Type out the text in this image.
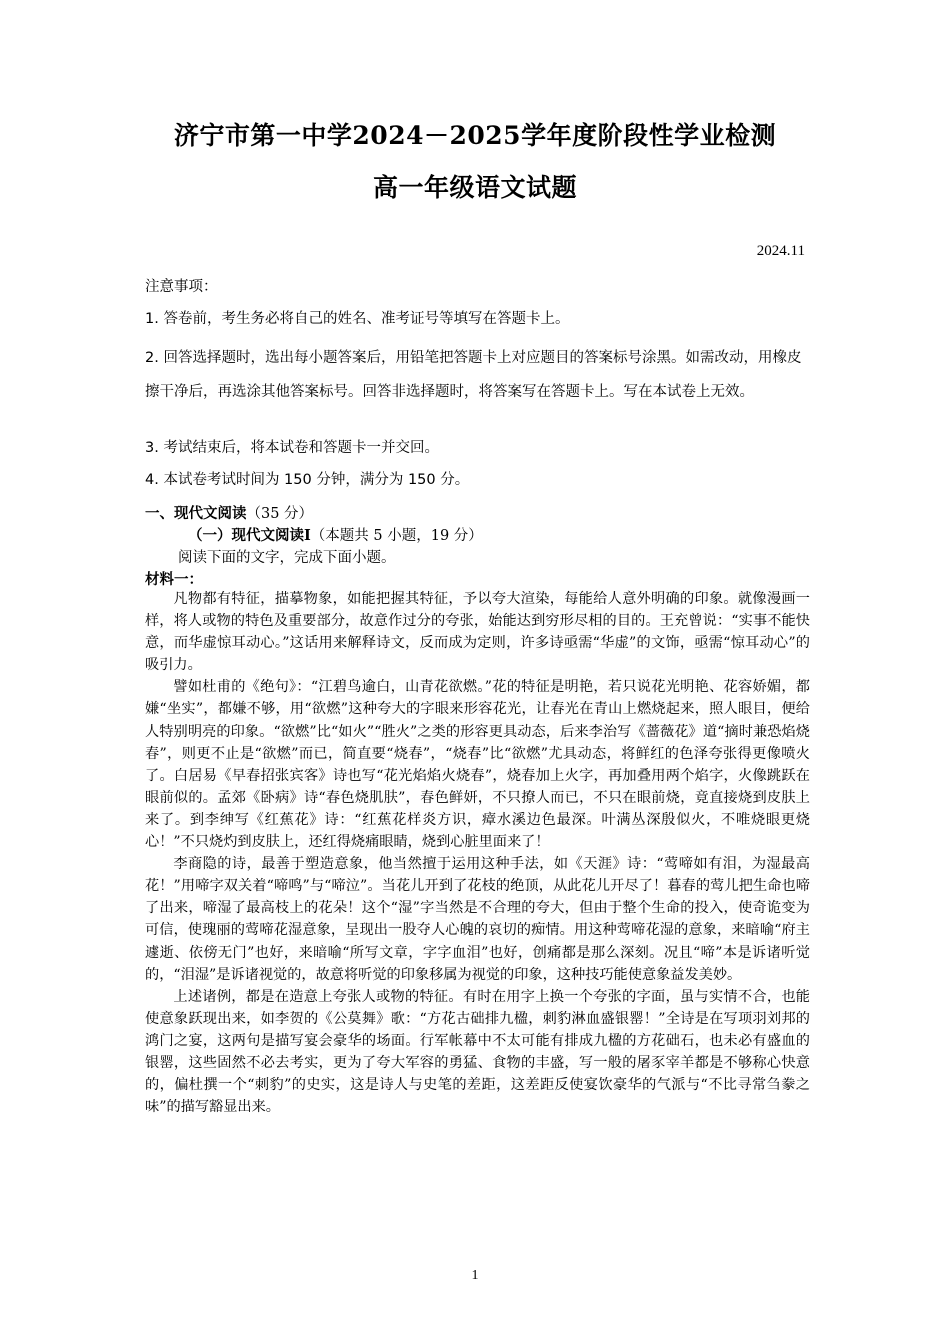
济宁市第一中学2024－2025学年度阶段性学业检测
高一年级语文试题
2024.11
注意事项：
1. 答卷前，考生务必将自己的姓名、准考证号等填写在答题卡上。
2. 回答选择题时，选出每小题答案后，用铅笔把答题卡上对应题目的答案标号涂黑。如需改动，用橡皮擦干净后，再选涂其他答案标号。回答非选择题时，将答案写在答题卡上。写在本试卷上无效。
3. 考试结束后，将本试卷和答题卡一并交回。
4. 本试卷考试时间为 150 分钟，满分为 150 分。
一、现代文阅读（35 分）
（一）现代文阅读Ⅰ（本题共 5 小题，19 分）
阅读下面的文字，完成下面小题。
材料一：

凡物都有特征，描摹物象，如能把握其特征，予以夸大渲染，每能给人意外明确的印象。就像漫画一样，将人或物的特色及重要部分，故意作过分的夸张，始能达到穷形尽相的目的。王充曾说：“实事不能快意，而华虚惊耳动心。”这话用来解释诗文，反而成为定则，许多诗亟需“华虚”的文饰，亟需“惊耳动心”的吸引力。

譬如杜甫的《绝句》：“江碧鸟逾白，山青花欲燃。”花的特征是明艳，若只说花光明艳、花容娇媚，都嫌“坐实”，都嫌不够，用“欲燃”这种夸大的字眼来形容花光，让春光在青山上燃烧起来，照人眼目，便给人特别明亮的印象。“欲燃”比“如火”“胜火”之类的形容更具动态，后来李治写《蔷薇花》道“摘时兼恐焰烧春”，则更不止是“欲燃”而已，简直要“烧春”，“烧春”比“欲燃”尤具动态，将鲜红的色泽夸张得更像喷火了。白居易《早春招张宾客》诗也写“花光焰焰火烧春”，烧春加上火字，再加叠用两个焰字，火像跳跃在眼前似的。孟郊《卧病》诗“春色烧肌肤”，春色鲜妍，不只撩人而已，不只在眼前烧，竟直接烧到皮肤上来了。到李绅写《红蕉花》诗：“红蕉花样炎方识，瘴水溪边色最深。叶满丛深殷似火，不唯烧眼更烧心！”不只烧灼到皮肤上，还红得烧痛眼睛，烧到心脏里面来了！

李商隐的诗，最善于塑造意象，他当然擅于运用这种手法，如《天涯》诗：“莺啼如有泪，为湿最高花！”用啼字双关着“啼鸣”与“啼泣”。当花儿开到了花枝的绝顶，从此花儿开尽了！暮春的莺儿把生命也啼了出来，啼湿了最高枝上的花朵！这个“湿”字当然是不合理的夸大，但由于整个生命的投入，使奇诡变为可信，使瑰丽的莺啼花湿意象，呈现出一股夺人心魄的哀切的痴情。用这种莺啼花湿的意象，来暗喻“府主遽逝、依傍无门”也好，来暗喻“所写文章，字字血泪”也好，创痛都是那么深刻。况且“啼”本是诉诸听觉的，“泪湿”是诉诸视觉的，故意将听觉的印象移属为视觉的印象，这种技巧能使意象益发美妙。

上述诸例，都是在造意上夸张人或物的特征。有时在用字上换一个夸张的字面，虽与实情不合，也能使意象跃现出来，如李贺的《公莫舞》歌：“方花古础排九楹，刺豹淋血盛银罂！”全诗是在写项羽刘邦的鸿门之宴，这两句是描写宴会豪华的场面。行军帐幕中不太可能有排成九楹的方花础石，也未必有盛血的银罂，这些固然不必去考实，更为了夸大军容的勇猛、食物的丰盛，写一般的屠豕宰羊都是不够称心快意的，偏杜撰一个“刺豹”的史实，这是诗人与史笔的差距，这差距反使宴饮豪华的气派与“不比寻常刍豢之味”的描写豁显出来。

1
